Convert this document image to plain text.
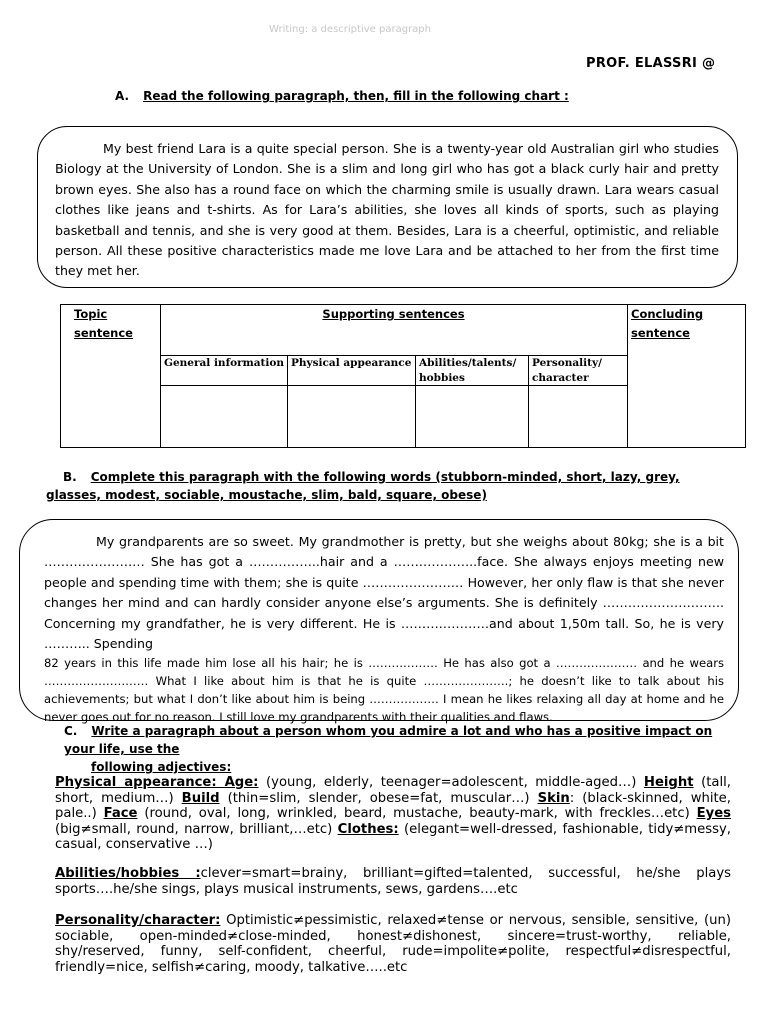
Writing: a descriptive paragraph
PROF. ELASSRI @
A. Read the following paragraph, then, fill in the following chart :
My best friend Lara is a quite special person. She is a twenty-year old Australian girl who studies Biology at the University of London. She is a slim and long girl who has got a black curly hair and pretty brown eyes. She also has a round face on which the charming smile is usually drawn. Lara wears casual clothes like jeans and t-shirts. As for Lara’s abilities, she loves all kinds of sports, such as playing basketball and tennis, and she is very good at them. Besides, Lara is a cheerful, optimistic, and reliable person. All these positive characteristics made me love Lara and be attached to her from the first time they met her.
Topic
sentence
Supporting sentences	Concluding
sentence
General information Physical appearance Abilities/talents/
hobbies
Personality/
character
B. Complete this paragraph with the following words (stubborn-minded, short, lazy, grey, glasses, modest, sociable, moustache, slim, bald, square, obese)
My grandparents are so sweet. My grandmother is pretty, but she weighs about 80kg; she is a bit …………………… She has got a ……………..hair and a ………………..face. She always enjoys meeting new people and spending time with them; she is quite …………………… However, her only flaw is that she never changes her mind and can hardly consider anyone else’s arguments. She is definitely ……………………….. Concerning my grandfather, he is very different. He is …………………and about 1,50m tall. So, he is very ……….. Spending
82 years in this life made him lose all his hair; he is ……………… He has also got a ………………… and he wears ……………………… What I like about him is that he is quite ………………….; he doesn’t like to talk about his achievements; but what I don’t like about him is being ……………… I mean he likes relaxing all day at home and he never goes out for no reason. I still love my grandparents with their qualities and flaws.
C. Write a paragraph about a person whom you admire a lot and who has a positive impact on your life, use the
following adjectives:
Physical appearance: Age: (young, elderly, teenager=adolescent, middle-aged…) Height (tall, short, medium…) Build (thin=slim, slender, obese=fat, muscular…) Skin: (black-skinned, white, pale..) Face (round, oval, long, wrinkled, beard, mustache, beauty-mark, with freckles…etc) Eyes (big≠small, round, narrow, brilliant,…etc) Clothes: (elegant=well-dressed, fashionable, tidy≠messy, casual, conservative …)
Abilities/hobbies :clever=smart=brainy, brilliant=gifted=talented, successful, he/she plays sports….he/she sings, plays musical instruments, sews, gardens….etc
Personality/character: Optimistic≠pessimistic, relaxed≠tense or nervous, sensible, sensitive, (un) sociable, open-minded≠close-minded, honest≠dishonest, sincere=trust-worthy, reliable, shy/reserved, funny, self-confident, cheerful, rude=impolite≠polite, respectful≠disrespectful, friendly=nice, selfish≠caring, moody, talkative…..etc
